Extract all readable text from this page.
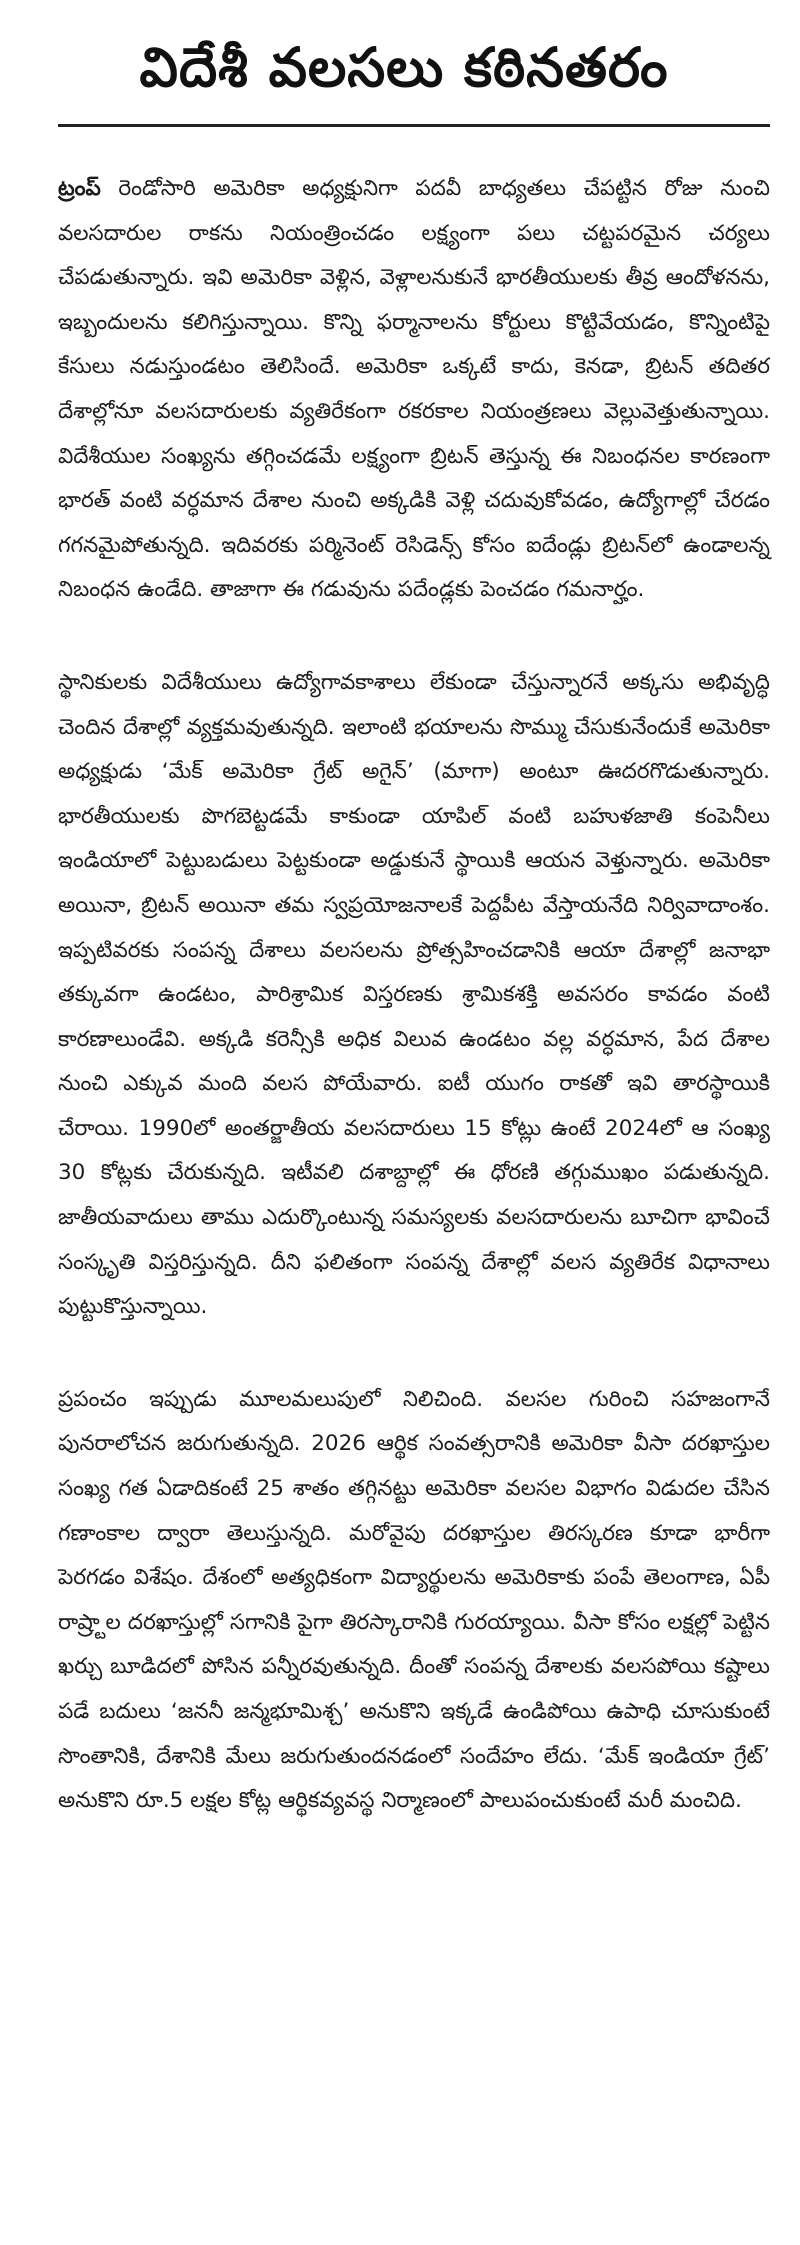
విదేశీ వలసలు కఠినతరం

ట్రంప్ రెండోసారి అమెరికా అధ్యక్షునిగా పదవీ బాధ్యతలు చేపట్టిన రోజు నుంచి వలసదారుల రాకను నియంత్రించడం లక్ష్యంగా పలు చట్టపరమైన చర్యలు చేపడుతున్నారు. ఇవి అమెరికా వెళ్లిన, వెళ్లాలనుకునే భారతీయులకు తీవ్ర ఆందోళనను, ఇబ్బందులను కలిగిస్తున్నాయి. కొన్ని ఫర్మానాలను కోర్టులు కొట్టివేయడం, కొన్నింటిపై కేసులు నడుస్తుండటం తెలిసిందే. అమెరికా ఒక్కటే కాదు, కెనడా, బ్రిటన్ తదితర దేశాల్లోనూ వలసదారులకు వ్యతిరేకంగా రకరకాల నియంత్రణలు వెల్లువెత్తుతున్నాయి. విదేశీయుల సంఖ్యను తగ్గించడమే లక్ష్యంగా బ్రిటన్ తెస్తున్న ఈ నిబంధనల కారణంగా భారత్ వంటి వర్ధమాన దేశాల నుంచి అక్కడికి వెళ్లి చదువుకోవడం, ఉద్యోగాల్లో చేరడం గగనమైపోతున్నది. ఇదివరకు పర్మినెంట్ రెసిడెన్స్ కోసం ఐదేండ్లు బ్రిటన్‌లో ఉండాలన్న నిబంధన ఉండేది. తాజాగా ఈ గడువును పదేండ్లకు పెంచడం గమనార్హం.

స్థానికులకు విదేశీయులు ఉద్యోగావకాశాలు లేకుండా చేస్తున్నారనే అక్కసు అభివృద్ధి చెందిన దేశాల్లో వ్యక్తమవుతున్నది. ఇలాంటి భయాలను సొమ్ము చేసుకునేందుకే అమెరికా అధ్యక్షుడు ‘మేక్ అమెరికా గ్రేట్ అగైన్’ (మాగా) అంటూ ఊదరగొడుతున్నారు. భారతీయులకు పొగబెట్టడమే కాకుండా యాపిల్ వంటి బహుళజాతి కంపెనీలు ఇండియాలో పెట్టుబడులు పెట్టకుండా అడ్డుకునే స్థాయికి ఆయన వెళ్తున్నారు. అమెరికా అయినా, బ్రిటన్ అయినా తమ స్వప్రయోజనాలకే పెద్దపీట వేస్తాయనేది నిర్వివాదాంశం. ఇప్పటివరకు సంపన్న దేశాలు వలసలను ప్రోత్సహించడానికి ఆయా దేశాల్లో జనాభా తక్కువగా ఉండటం, పారిశ్రామిక విస్తరణకు శ్రామికశక్తి అవసరం కావడం వంటి కారణాలుండేవి. అక్కడి కరెన్సీకి అధిక విలువ ఉండటం వల్ల వర్ధమాన, పేద దేశాల నుంచి ఎక్కువ మంది వలస పోయేవారు. ఐటీ యుగం రాకతో ఇవి తారస్థాయికి చేరాయి. 1990లో అంతర్జాతీయ వలసదారులు 15 కోట్లు ఉంటే 2024లో ఆ సంఖ్య 30 కోట్లకు చేరుకున్నది. ఇటీవలి దశాబ్దాల్లో ఈ ధోరణి తగ్గుముఖం పడుతున్నది. జాతీయవాదులు తాము ఎదుర్కొంటున్న సమస్యలకు వలసదారులను బూచిగా భావించే సంస్కృతి విస్తరిస్తున్నది. దీని ఫలితంగా సంపన్న దేశాల్లో వలస వ్యతిరేక విధానాలు పుట్టుకొస్తున్నాయి.

ప్రపంచం ఇప్పుడు మూలమలుపులో నిలిచింది. వలసల గురించి సహజంగానే పునరాలోచన జరుగుతున్నది. 2026 ఆర్థిక సంవత్సరానికి అమెరికా వీసా దరఖాస్తుల సంఖ్య గత ఏడాదికంటే 25 శాతం తగ్గినట్టు అమెరికా వలసల విభాగం విడుదల చేసిన గణాంకాల ద్వారా తెలుస్తున్నది. మరోవైపు దరఖాస్తుల తిరస్కరణ కూడా భారీగా పెరగడం విశేషం. దేశంలో అత్యధికంగా విద్యార్థులను అమెరికాకు పంపే తెలంగాణ, ఏపీ రాష్ర్టాల దరఖాస్తుల్లో సగానికి పైగా తిరస్కారానికి గురయ్యాయి. వీసా కోసం లక్షల్లో పెట్టిన ఖర్చు బూడిదలో పోసిన పన్నీరవుతున్నది. దీంతో సంపన్న దేశాలకు వలసపోయి కష్టాలు పడే బదులు ‘జననీ జన్మభూమిశ్చ’ అనుకొని ఇక్కడే ఉండిపోయి ఉపాధి చూసుకుంటే సొంతానికి, దేశానికి మేలు జరుగుతుందనడంలో సందేహం లేదు. ‘మేక్ ఇండియా గ్రేట్’ అనుకొని రూ.5 లక్షల కోట్ల ఆర్థికవ్యవస్థ నిర్మాణంలో పాలుపంచుకుంటే మరీ మంచిది.
